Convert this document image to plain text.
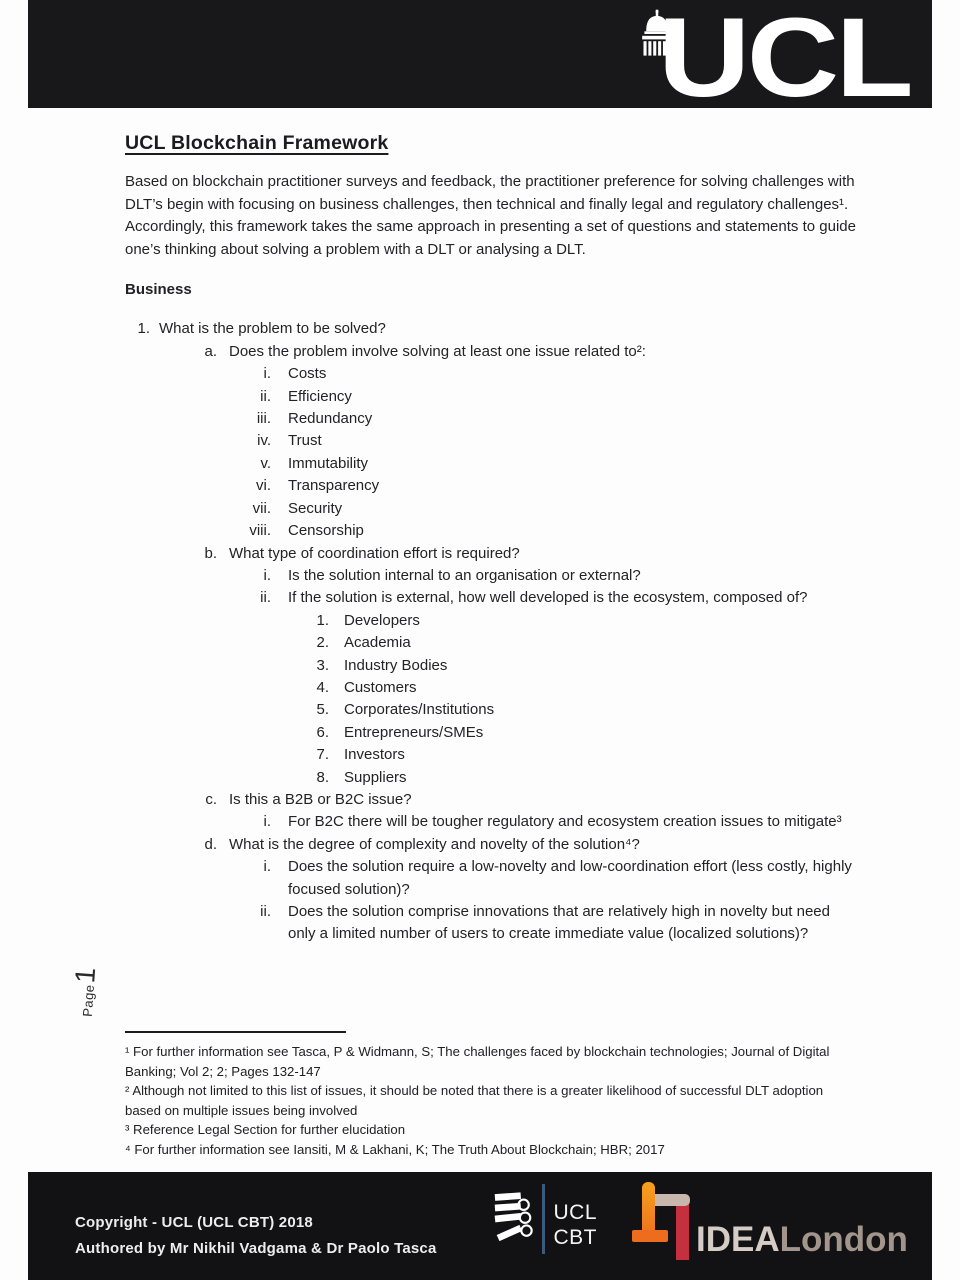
UCL
UCL Blockchain Framework

Based on blockchain practitioner surveys and feedback, the practitioner preference for solving challenges with DLT’s begin with focusing on business challenges, then technical and finally legal and regulatory challenges¹. Accordingly, this framework takes the same approach in presenting a set of questions and statements to guide one’s thinking about solving a problem with a DLT or analysing a DLT.

Business
1. What is the problem to be solved?
a. Does the problem involve solving at least one issue related to²:
i. Costs
ii. Efficiency
iii. Redundancy
iv. Trust
v. Immutability
vi. Transparency
vii. Security
viii. Censorship
b. What type of coordination effort is required?
i. Is the solution internal to an organisation or external?
ii. If the solution is external, how well developed is the ecosystem, composed of?
1. Developers
2. Academia
3. Industry Bodies
4. Customers
5. Corporates/Institutions
6. Entrepreneurs/SMEs
7. Investors
8. Suppliers
c. Is this a B2B or B2C issue?
i. For B2C there will be tougher regulatory and ecosystem creation issues to mitigate³
d. What is the degree of complexity and novelty of the solution⁴?
i. Does the solution require a low-novelty and low-coordination effort (less costly, highly focused solution)?
ii. Does the solution comprise innovations that are relatively high in novelty but need only a limited number of users to create immediate value (localized solutions)?
Page
1
¹ For further information see Tasca, P & Widmann, S; The challenges faced by blockchain technologies; Journal of Digital Banking; Vol 2; 2; Pages 132-147
² Although not limited to this list of issues, it should be noted that there is a greater likelihood of successful DLT adoption based on multiple issues being involved
³ Reference Legal Section for further elucidation
⁴ For further information see Iansiti, M & Lakhani, K; The Truth About Blockchain; HBR; 2017
Copyright - UCL (UCL CBT) 2018
Authored by Mr Nikhil Vadgama & Dr Paolo Tasca
UCL
CBT	IDEALondon
